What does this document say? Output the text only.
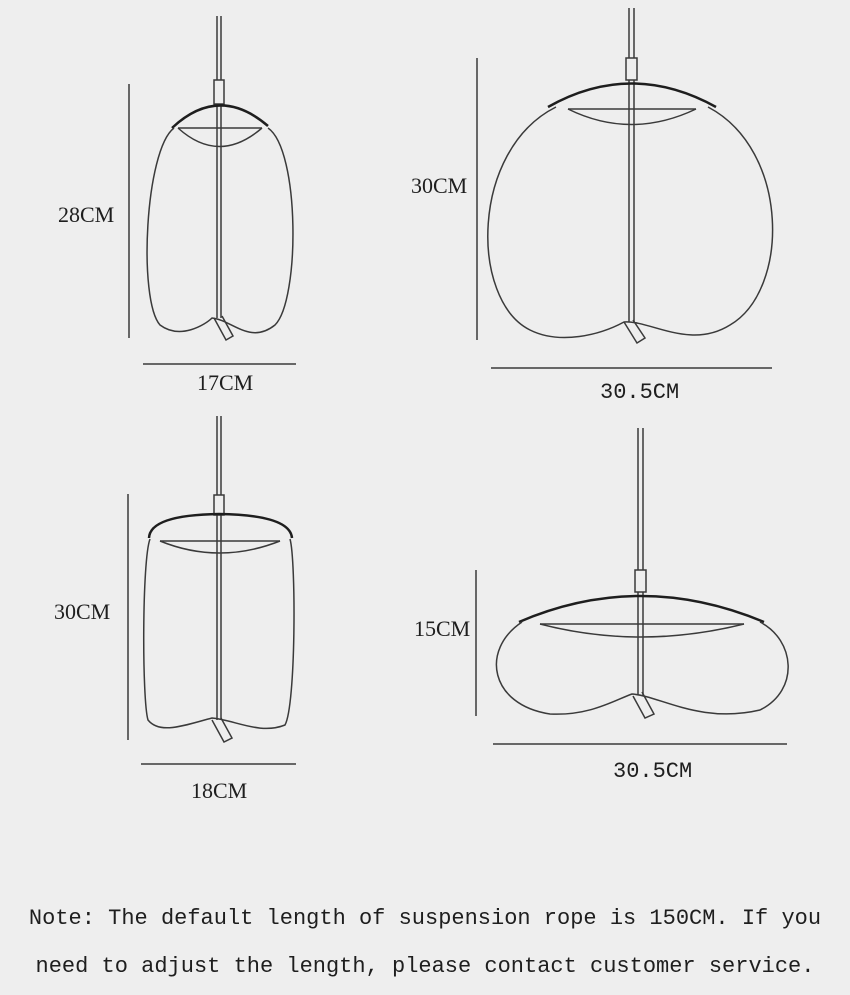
28CM
17CM
30CM
30.5CM
30CM
18CM
15CM
30.5CM
Note: The default length of suspension rope is 150CM. If you
need to adjust the length, please contact customer service.
